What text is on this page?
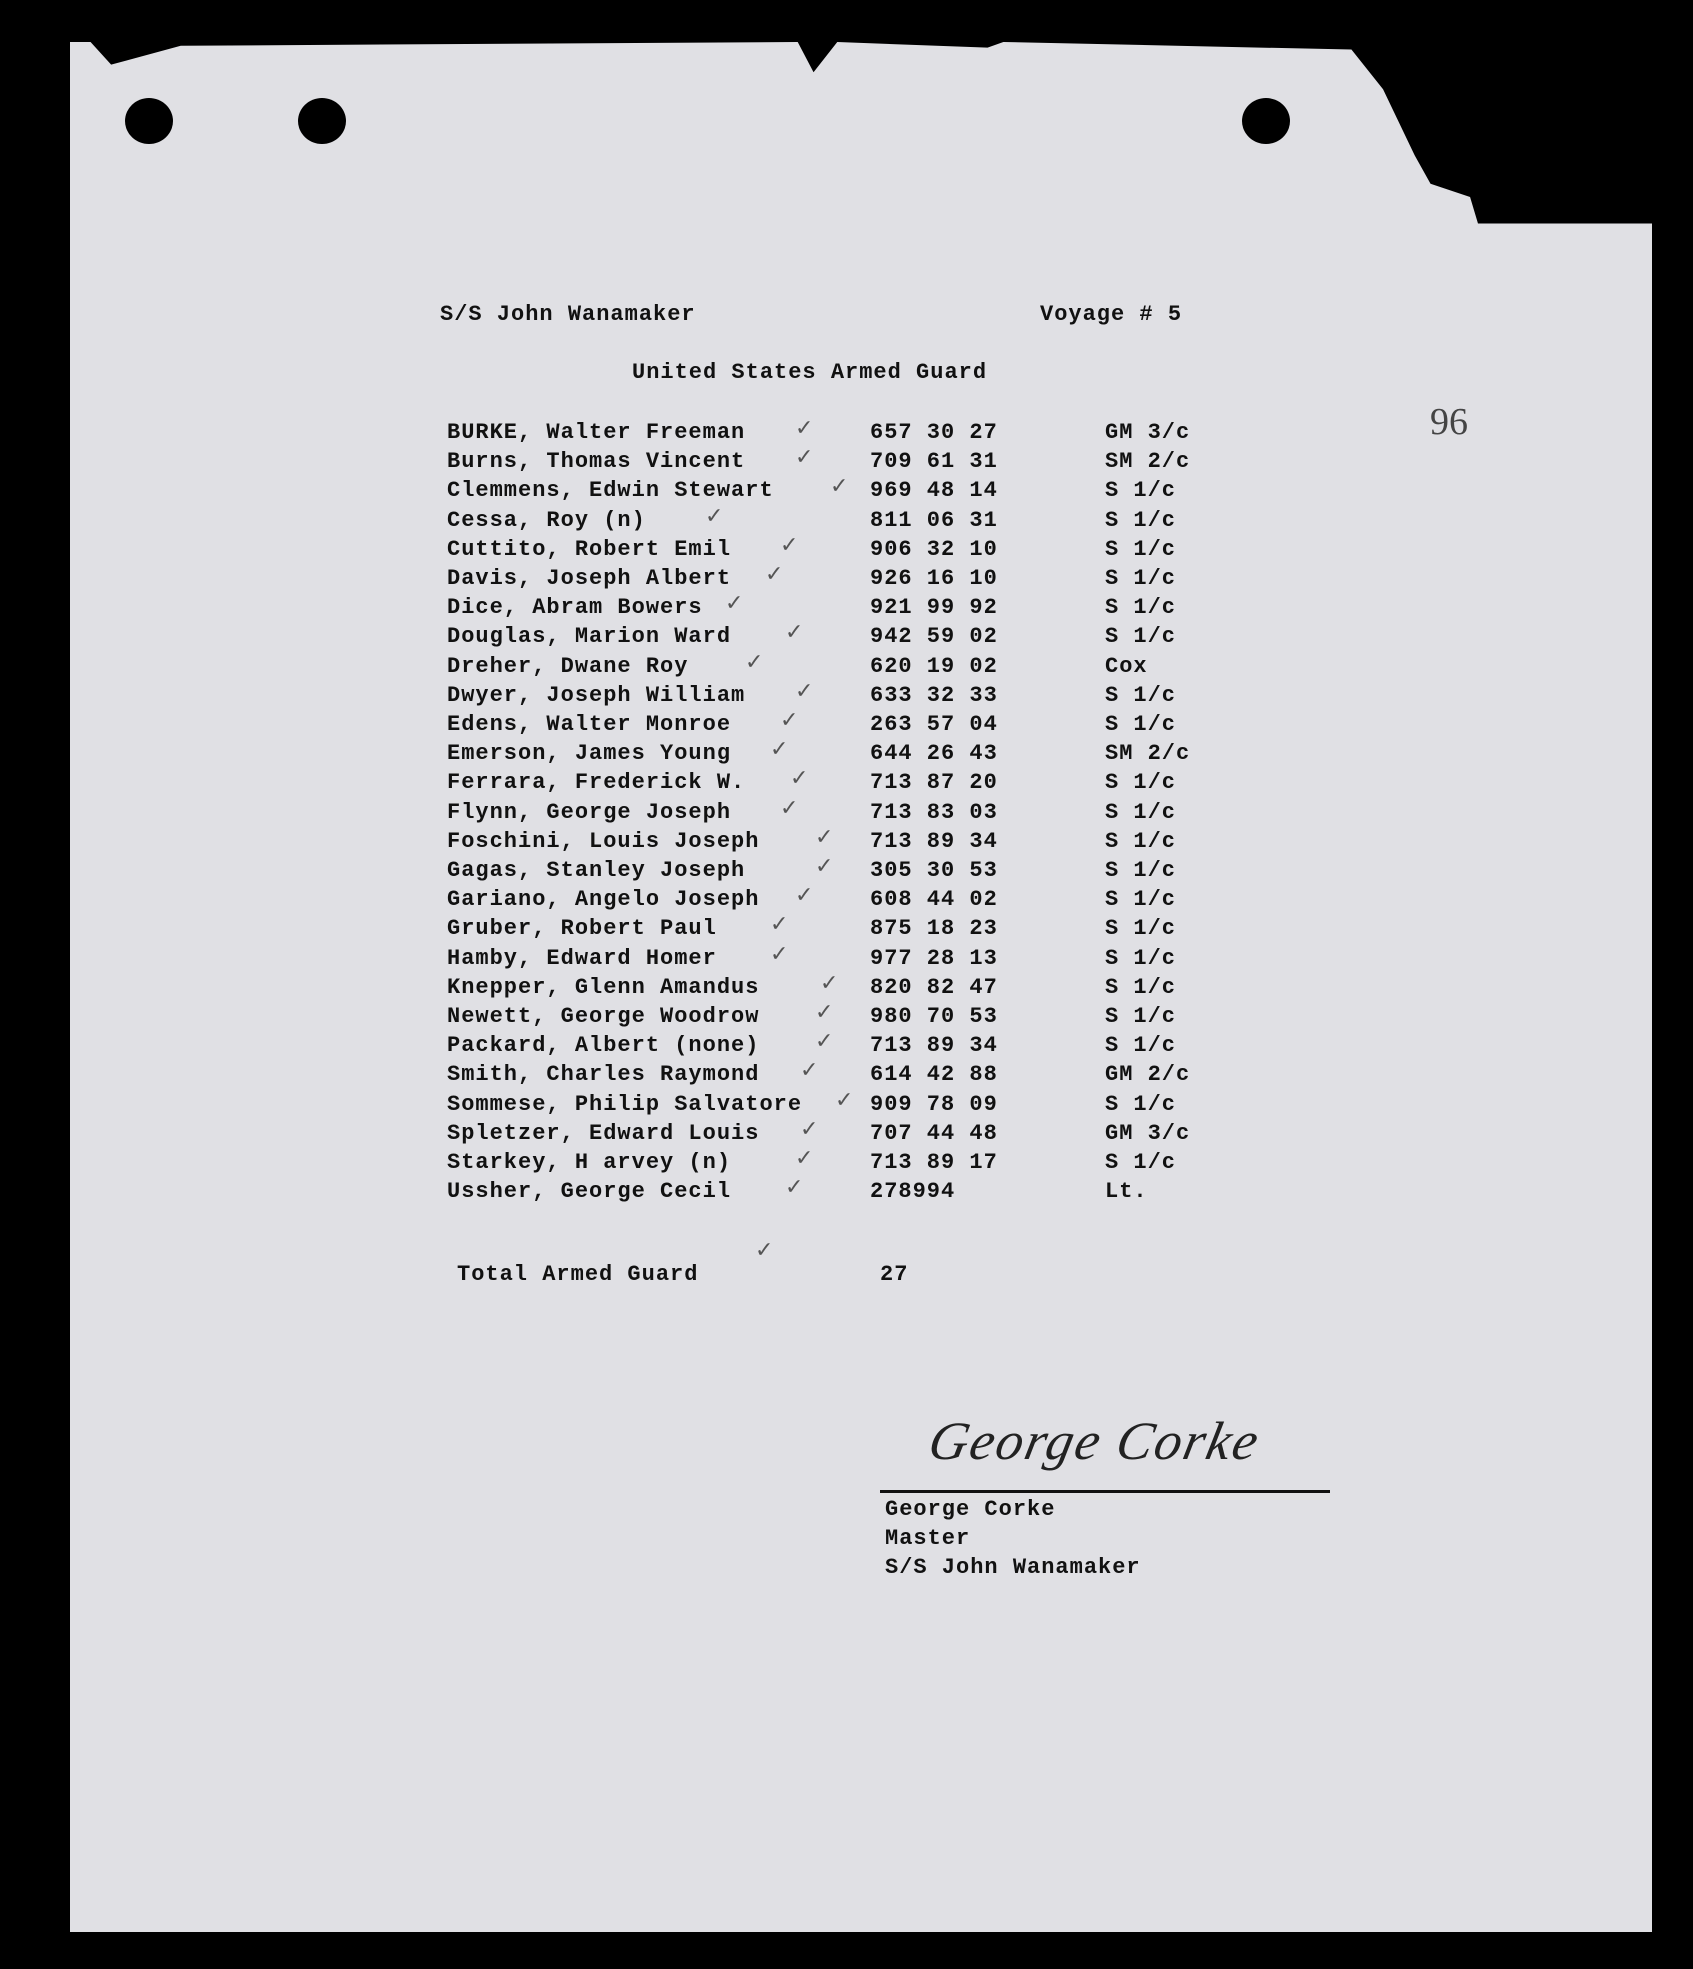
S/S John Wanamaker	Voyage # 5
United States Armed Guard
96
BURKE, Walter Freeman	657 30 27	GM 3/c
✓
Burns, Thomas Vincent	709 61 31	SM 2/c
✓
Clemmens, Edwin Stewart	969 48 14	S 1/c
✓
Cessa, Roy (n)	811 06 31	S 1/c
✓
Cuttito, Robert Emil	906 32 10	S 1/c
✓
Davis, Joseph Albert	926 16 10	S 1/c
✓
Dice, Abram Bowers	921 99 92	S 1/c
✓
Douglas, Marion Ward	942 59 02	S 1/c
✓
Dreher, Dwane Roy	620 19 02	Cox
✓
Dwyer, Joseph William	633 32 33	S 1/c
✓
Edens, Walter Monroe	263 57 04	S 1/c
✓
Emerson, James Young	644 26 43	SM 2/c
✓
Ferrara, Frederick W.	713 87 20	S 1/c
✓
Flynn, George Joseph	713 83 03	S 1/c
✓
Foschini, Louis Joseph	713 89 34	S 1/c
✓
Gagas, Stanley Joseph	305 30 53	S 1/c
✓
Gariano, Angelo Joseph	608 44 02	S 1/c
✓
Gruber, Robert Paul	875 18 23	S 1/c
✓
Hamby, Edward Homer	977 28 13	S 1/c
✓
Knepper, Glenn Amandus	820 82 47	S 1/c
✓
Newett, George Woodrow	980 70 53	S 1/c
✓
Packard, Albert (none)	713 89 34	S 1/c
✓
Smith, Charles Raymond	614 42 88	GM 2/c
✓
Sommese, Philip Salvatore	909 78 09	S 1/c
✓
Spletzer, Edward Louis	707 44 48	GM 3/c
✓
Starkey, H arvey (n)	713 89 17	S 1/c
✓
Ussher, George Cecil	278994	Lt.
✓
✓
Total Armed Guard	27
George Corke
George Corke
Master
S/S John Wanamaker
